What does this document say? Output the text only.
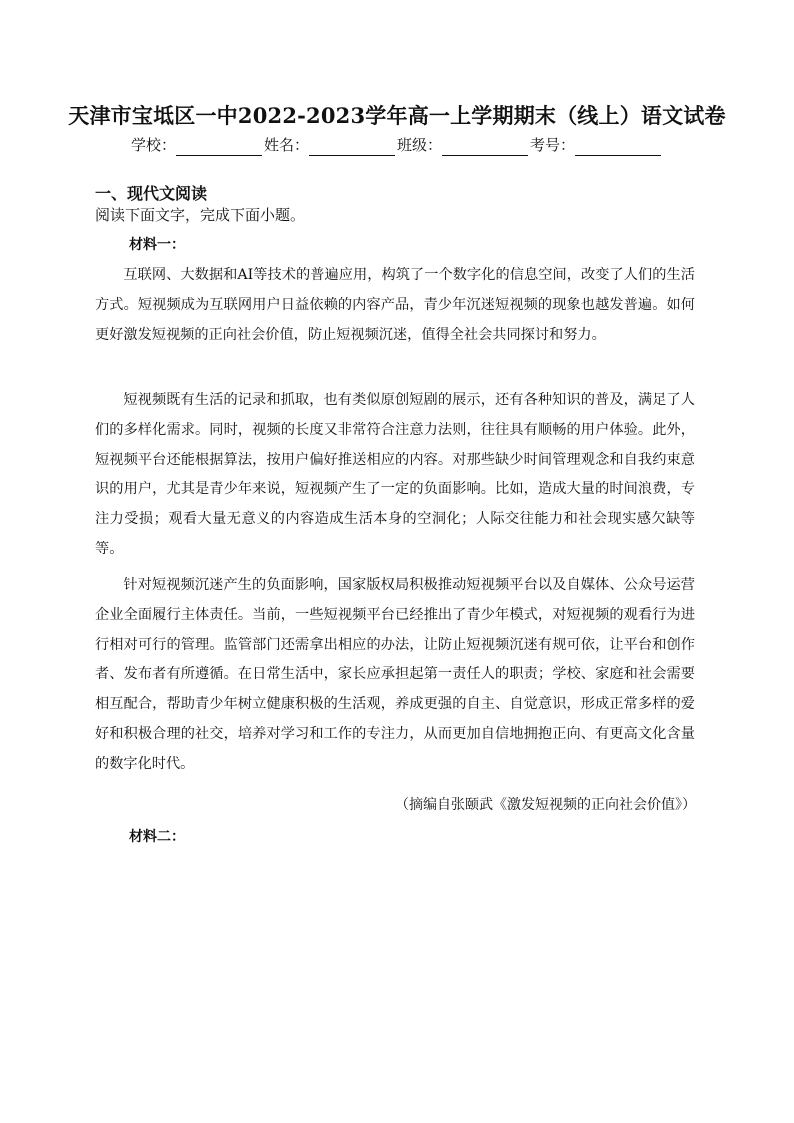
天津市宝坻区一中2022-2023学年高一上学期期末（线上）语文试卷
学校：	姓名：	班级：	考号：
一、现代文阅读
阅读下面文字，完成下面小题。
材料一：

互联网、大数据和AI等技术的普遍应用，构筑了一个数字化的信息空间，改变了人们的生活方式。短视频成为互联网用户日益依赖的内容产品，青少年沉迷短视频的现象也越发普遍。如何更好激发短视频的正向社会价值，防止短视频沉迷，值得全社会共同探讨和努力。

短视频既有生活的记录和抓取，也有类似原创短剧的展示，还有各种知识的普及，满足了人们的多样化需求。同时，视频的长度又非常符合注意力法则，往往具有顺畅的用户体验。此外，短视频平台还能根据算法，按用户偏好推送相应的内容。对那些缺少时间管理观念和自我约束意识的用户，尤其是青少年来说，短视频产生了一定的负面影响。比如，造成大量的时间浪费，专注力受损；观看大量无意义的内容造成生活本身的空洞化；人际交往能力和社会现实感欠缺等等。

针对短视频沉迷产生的负面影响，国家版权局积极推动短视频平台以及自媒体、公众号运营企业全面履行主体责任。当前，一些短视频平台已经推出了青少年模式，对短视频的观看行为进行相对可行的管理。监管部门还需拿出相应的办法，让防止短视频沉迷有规可依，让平台和创作者、发布者有所遵循。在日常生活中，家长应承担起第一责任人的职责；学校、家庭和社会需要相互配合，帮助青少年树立健康积极的生活观，养成更强的自主、自觉意识，形成正常多样的爱好和积极合理的社交，培养对学习和工作的专注力，从而更加自信地拥抱正向、有更高文化含量的数字化时代。

（摘编自张颐武《激发短视频的正向社会价值》）
材料二：
